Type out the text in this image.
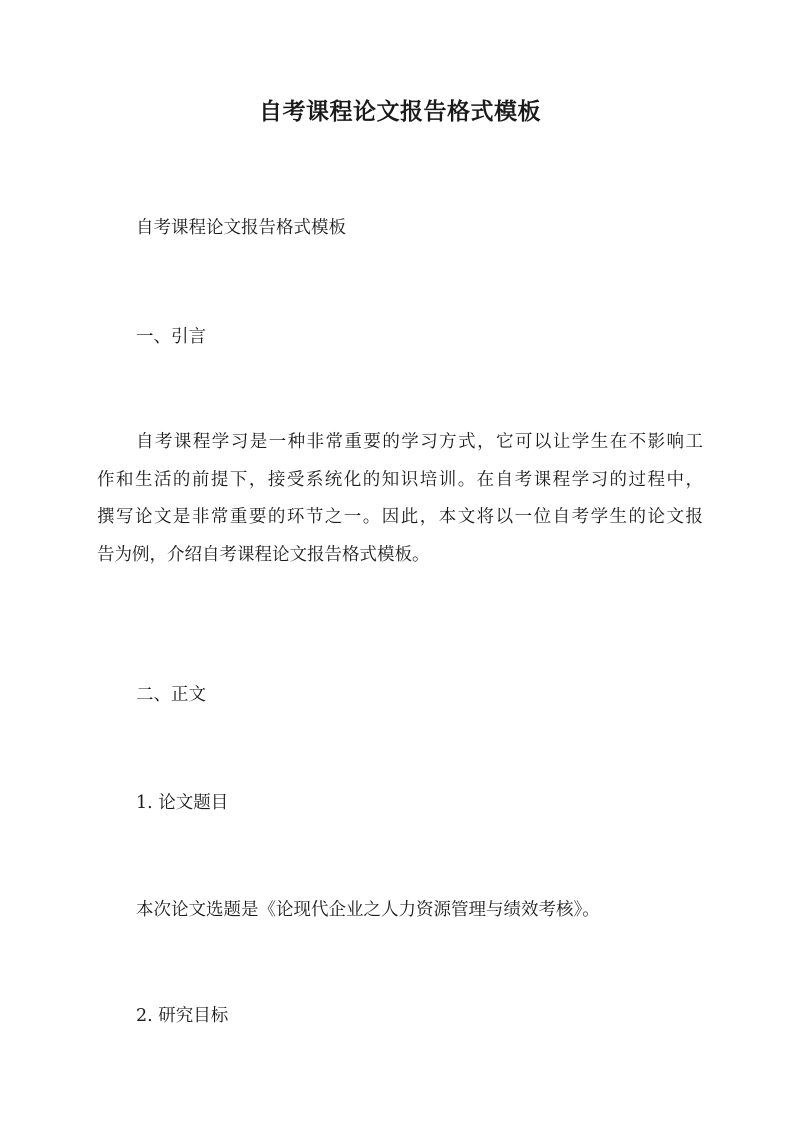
自考课程论文报告格式模板
自考课程论文报告格式模板
一、引言
自考课程学习是一种非常重要的学习方式，它可以让学生在不影响工
作和生活的前提下，接受系统化的知识培训。在自考课程学习的过程中，
撰写论文是非常重要的环节之一。因此，本文将以一位自考学生的论文报
告为例，介绍自考课程论文报告格式模板。
二、正文
1. 论文题目
本次论文选题是《论现代企业之人力资源管理与绩效考核》。
2. 研究目标
